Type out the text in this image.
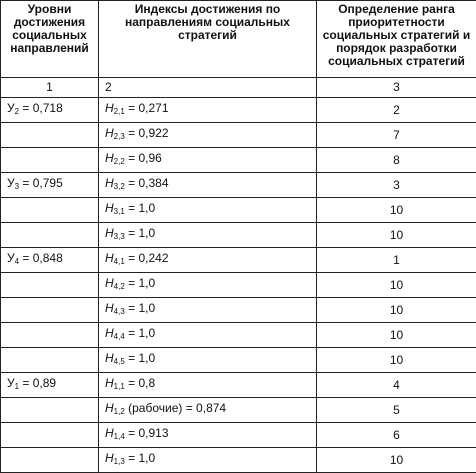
Уровни достижения социальных направлений	Индексы достижения по направлениям социальных стратегий	Определение ранга приоритетности социальных стратегий и порядок разработки социальных стратегий
1	2	3
$У_2 = 0,718$	$H_{2,1} = 0,271$	2
	$H_{2,3} = 0,922$	7
	$H_{2,2} = 0,96$	8
$У_3 = 0,795$	$H_{3,2} = 0,384$	3
	$H_{3,1} = 1,0$	10
	$H_{3,3} = 1,0$	10
$У_4 = 0,848$	$H_{4,1} = 0,242$	1
	$H_{4,2} = 1,0$	10
	$H_{4,3} = 1,0$	10
	$H_{4,4} = 1,0$	10
	$H_{4,5} = 1,0$	10
$У_1 = 0,89$	$H_{1,1} = 0,8$	4
	$H_{1,2}$ (рабочие) = 0,874	5
	$H_{1,4} = 0,913$	6
	$H_{1,3} = 1,0$	10
